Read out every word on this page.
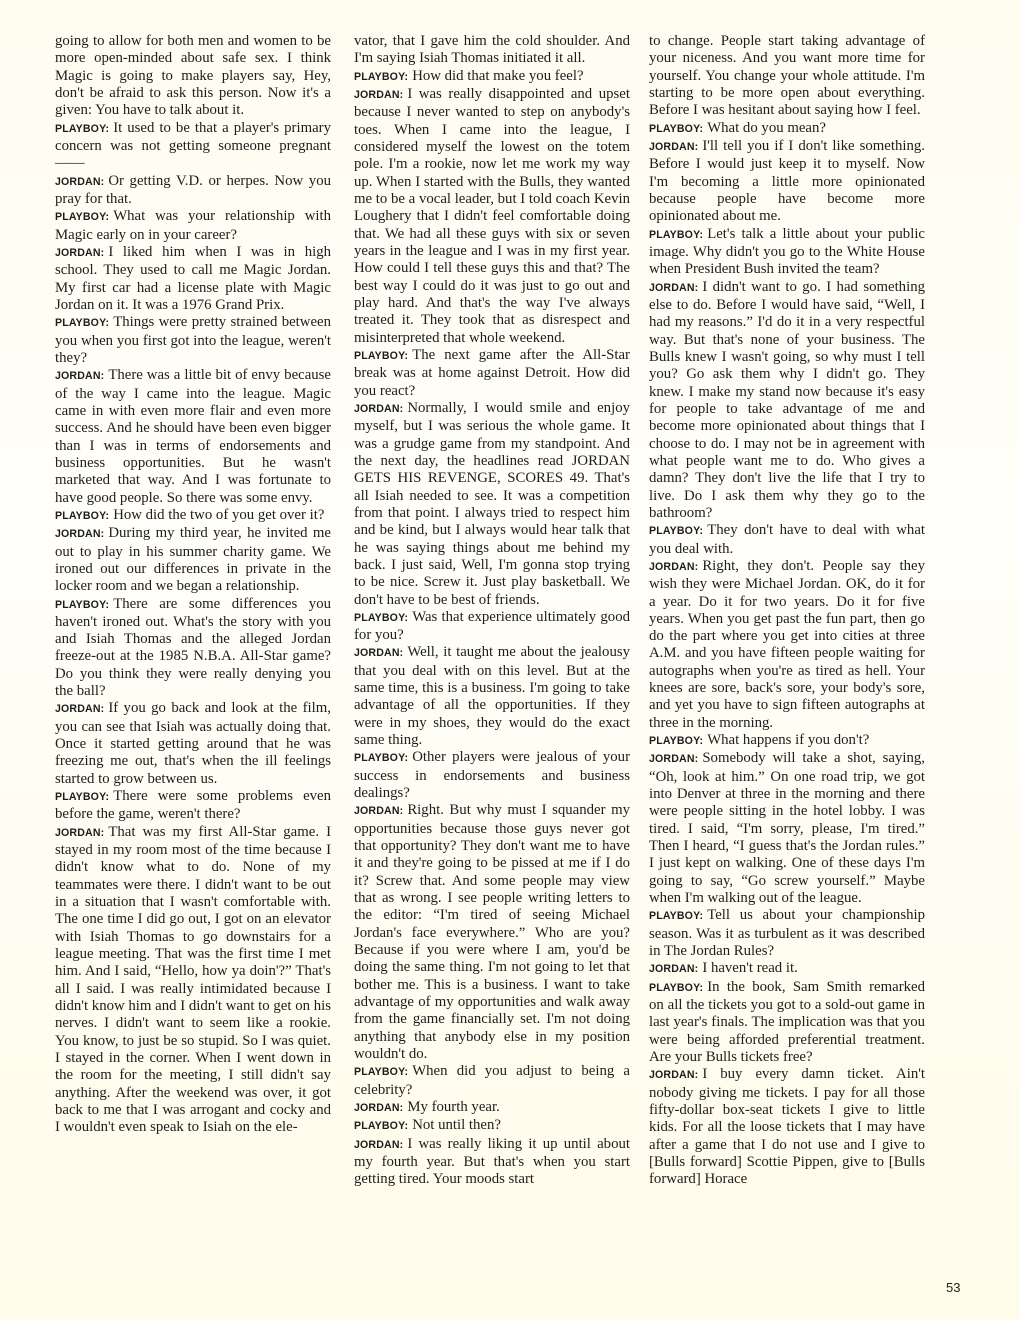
going to allow for both men and women to be more open-minded about safe sex. I think Magic is going to make players say, Hey, don't be afraid to ask this person. Now it's a given: You have to talk about it.

PLAYBOY: It used to be that a player's primary concern was not getting someone pregnant——

JORDAN: Or getting V.D. or herpes. Now you pray for that.

PLAYBOY: What was your relationship with Magic early on in your career?

JORDAN: I liked him when I was in high school. They used to call me Magic Jordan. My first car had a license plate with Magic Jordan on it. It was a 1976 Grand Prix.

PLAYBOY: Things were pretty strained between you when you first got into the league, weren't they?

JORDAN: There was a little bit of envy because of the way I came into the league. Magic came in with even more flair and even more success. And he should have been even bigger than I was in terms of endorsements and business opportunities. But he wasn't marketed that way. And I was fortunate to have good people. So there was some envy.

PLAYBOY: How did the two of you get over it?

JORDAN: During my third year, he invited me out to play in his summer charity game. We ironed out our differences in private in the locker room and we began a relationship.

PLAYBOY: There are some differences you haven't ironed out. What's the story with you and Isiah Thomas and the alleged Jordan freeze-out at the 1985 N.B.A. All-Star game? Do you think they were really denying you the ball?

JORDAN: If you go back and look at the film, you can see that Isiah was actually doing that. Once it started getting around that he was freezing me out, that's when the ill feelings started to grow between us.

PLAYBOY: There were some problems even before the game, weren't there?

JORDAN: That was my first All-Star game. I stayed in my room most of the time because I didn't know what to do. None of my teammates were there. I didn't want to be out in a situation that I wasn't comfortable with. The one time I did go out, I got on an elevator with Isiah Thomas to go downstairs for a league meeting. That was the first time I met him. And I said, “Hello, how ya doin'?” That's all I said. I was really intimidated because I didn't know him and I didn't want to get on his nerves. I didn't want to seem like a rookie. You know, to just be so stupid. So I was quiet. I stayed in the corner. When I went down in the room for the meeting, I still didn't say anything. After the weekend was over, it got back to me that I was arrogant and cocky and I wouldn't even speak to Isiah on the ele-

vator, that I gave him the cold shoulder. And I'm saying Isiah Thomas initiated it all.

PLAYBOY: How did that make you feel?

JORDAN: I was really disappointed and upset because I never wanted to step on anybody's toes. When I came into the league, I considered myself the lowest on the totem pole. I'm a rookie, now let me work my way up. When I started with the Bulls, they wanted me to be a vocal leader, but I told coach Kevin Loughery that I didn't feel comfortable doing that. We had all these guys with six or seven years in the league and I was in my first year. How could I tell these guys this and that? The best way I could do it was just to go out and play hard. And that's the way I've always treated it. They took that as disrespect and misinterpreted that whole weekend.

PLAYBOY: The next game after the All-Star break was at home against Detroit. How did you react?

JORDAN: Normally, I would smile and enjoy myself, but I was serious the whole game. It was a grudge game from my standpoint. And the next day, the headlines read JORDAN GETS HIS REVENGE, SCORES 49. That's all Isiah needed to see. It was a competition from that point. I always tried to respect him and be kind, but I always would hear talk that he was saying things about me behind my back. I just said, Well, I'm gonna stop trying to be nice. Screw it. Just play basketball. We don't have to be best of friends.

PLAYBOY: Was that experience ultimately good for you?

JORDAN: Well, it taught me about the jealousy that you deal with on this level. But at the same time, this is a business. I'm going to take advantage of all the opportunities. If they were in my shoes, they would do the exact same thing.

PLAYBOY: Other players were jealous of your success in endorsements and business dealings?

JORDAN: Right. But why must I squander my opportunities because those guys never got that opportunity? They don't want me to have it and they're going to be pissed at me if I do it? Screw that. And some people may view that as wrong. I see people writing letters to the editor: “I'm tired of seeing Michael Jordan's face everywhere.” Who are you? Because if you were where I am, you'd be doing the same thing. I'm not going to let that bother me. This is a business. I want to take advantage of my opportunities and walk away from the game financially set. I'm not doing anything that anybody else in my position wouldn't do.

PLAYBOY: When did you adjust to being a celebrity?

JORDAN: My fourth year.

PLAYBOY: Not until then?

JORDAN: I was really liking it up until about my fourth year. But that's when you start getting tired. Your moods start

to change. People start taking advantage of your niceness. And you want more time for yourself. You change your whole attitude. I'm starting to be more open about everything. Before I was hesitant about saying how I feel.

PLAYBOY: What do you mean?

JORDAN: I'll tell you if I don't like something. Before I would just keep it to myself. Now I'm becoming a little more opinionated because people have become more opinionated about me.

PLAYBOY: Let's talk a little about your public image. Why didn't you go to the White House when President Bush invited the team?

JORDAN: I didn't want to go. I had something else to do. Before I would have said, “Well, I had my reasons.” I'd do it in a very respectful way. But that's none of your business. The Bulls knew I wasn't going, so why must I tell you? Go ask them why I didn't go. They knew. I make my stand now because it's easy for people to take advantage of me and become more opinionated about things that I choose to do. I may not be in agreement with what people want me to do. Who gives a damn? They don't live the life that I try to live. Do I ask them why they go to the bathroom?

PLAYBOY: They don't have to deal with what you deal with.

JORDAN: Right, they don't. People say they wish they were Michael Jordan. OK, do it for a year. Do it for two years. Do it for five years. When you get past the fun part, then go do the part where you get into cities at three A.M. and you have fifteen people waiting for autographs when you're as tired as hell. Your knees are sore, back's sore, your body's sore, and yet you have to sign fifteen autographs at three in the morning.

PLAYBOY: What happens if you don't?

JORDAN: Somebody will take a shot, saying, “Oh, look at him.” On one road trip, we got into Denver at three in the morning and there were people sitting in the hotel lobby. I was tired. I said, “I'm sorry, please, I'm tired.” Then I heard, “I guess that's the Jordan rules.” I just kept on walking. One of these days I'm going to say, “Go screw yourself.” Maybe when I'm walking out of the league.

PLAYBOY: Tell us about your championship season. Was it as turbulent as it was described in The Jordan Rules?

JORDAN: I haven't read it.

PLAYBOY: In the book, Sam Smith remarked on all the tickets you got to a sold-out game in last year's finals. The implication was that you were being afforded preferential treatment. Are your Bulls tickets free?

JORDAN: I buy every damn ticket. Ain't nobody giving me tickets. I pay for all those fifty-dollar box-seat tickets I give to little kids. For all the loose tickets that I may have after a game that I do not use and I give to [Bulls forward] Scottie Pippen, give to [Bulls forward] Horace

53
